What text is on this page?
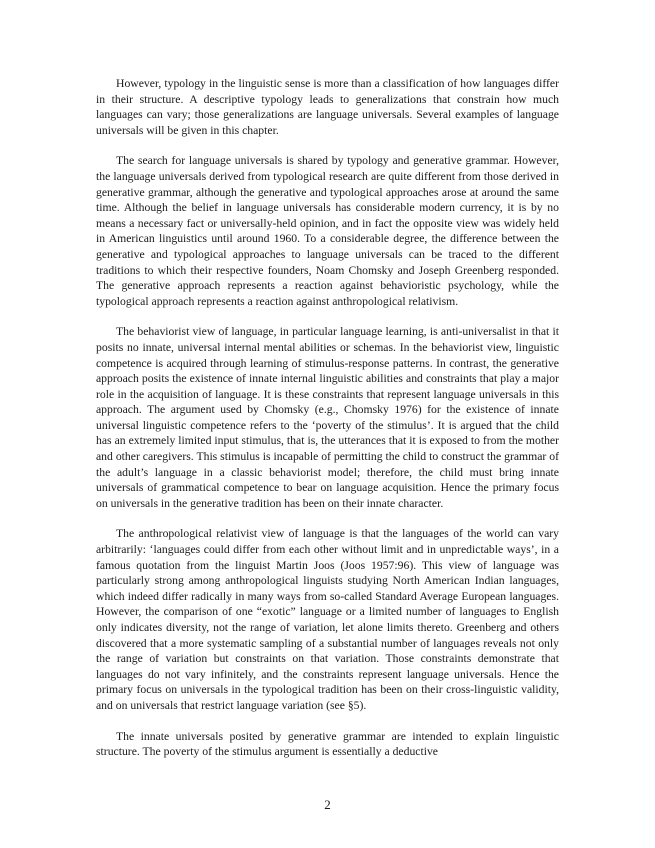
However, typology in the linguistic sense is more than a classification of how languages differ in their structure. A descriptive typology leads to generalizations that constrain how much languages can vary; those generalizations are language universals. Several examples of language universals will be given in this chapter.

The search for language universals is shared by typology and generative grammar. However, the language universals derived from typological research are quite different from those derived in generative grammar, although the generative and typological approaches arose at around the same time. Although the belief in language universals has considerable modern currency, it is by no means a necessary fact or universally-held opinion, and in fact the opposite view was widely held in American linguistics until around 1960. To a considerable degree, the difference between the generative and typological approaches to language universals can be traced to the different traditions to which their respective founders, Noam Chomsky and Joseph Greenberg responded. The generative approach represents a reaction against behavioristic psychology, while the typological approach represents a reaction against anthropological relativism.

The behaviorist view of language, in particular language learning, is anti-universalist in that it posits no innate, universal internal mental abilities or schemas. In the behaviorist view, linguistic competence is acquired through learning of stimulus-response patterns. In contrast, the generative approach posits the existence of innate internal linguistic abilities and constraints that play a major role in the acquisition of language. It is these constraints that represent language universals in this approach. The argument used by Chomsky (e.g., Chomsky 1976) for the existence of innate universal linguistic competence refers to the ‘poverty of the stimulus’. It is argued that the child has an extremely limited input stimulus, that is, the utterances that it is exposed to from the mother and other caregivers. This stimulus is incapable of permitting the child to construct the grammar of the adult’s language in a classic behaviorist model; therefore, the child must bring innate universals of grammatical competence to bear on language acquisition. Hence the primary focus on universals in the generative tradition has been on their innate character.

The anthropological relativist view of language is that the languages of the world can vary arbitrarily: ‘languages could differ from each other without limit and in unpredictable ways’, in a famous quotation from the linguist Martin Joos (Joos 1957:96). This view of language was particularly strong among anthropological linguists studying North American Indian languages, which indeed differ radically in many ways from so-called Standard Average European languages. However, the comparison of one “exotic” language or a limited number of languages to English only indicates diversity, not the range of variation, let alone limits thereto. Greenberg and others discovered that a more systematic sampling of a substantial number of languages reveals not only the range of variation but constraints on that variation. Those constraints demonstrate that languages do not vary infinitely, and the constraints represent language universals. Hence the primary focus on universals in the typological tradition has been on their cross-linguistic validity, and on universals that restrict language variation (see §5).

The innate universals posited by generative grammar are intended to explain linguistic structure. The poverty of the stimulus argument is essentially a deductive

2
